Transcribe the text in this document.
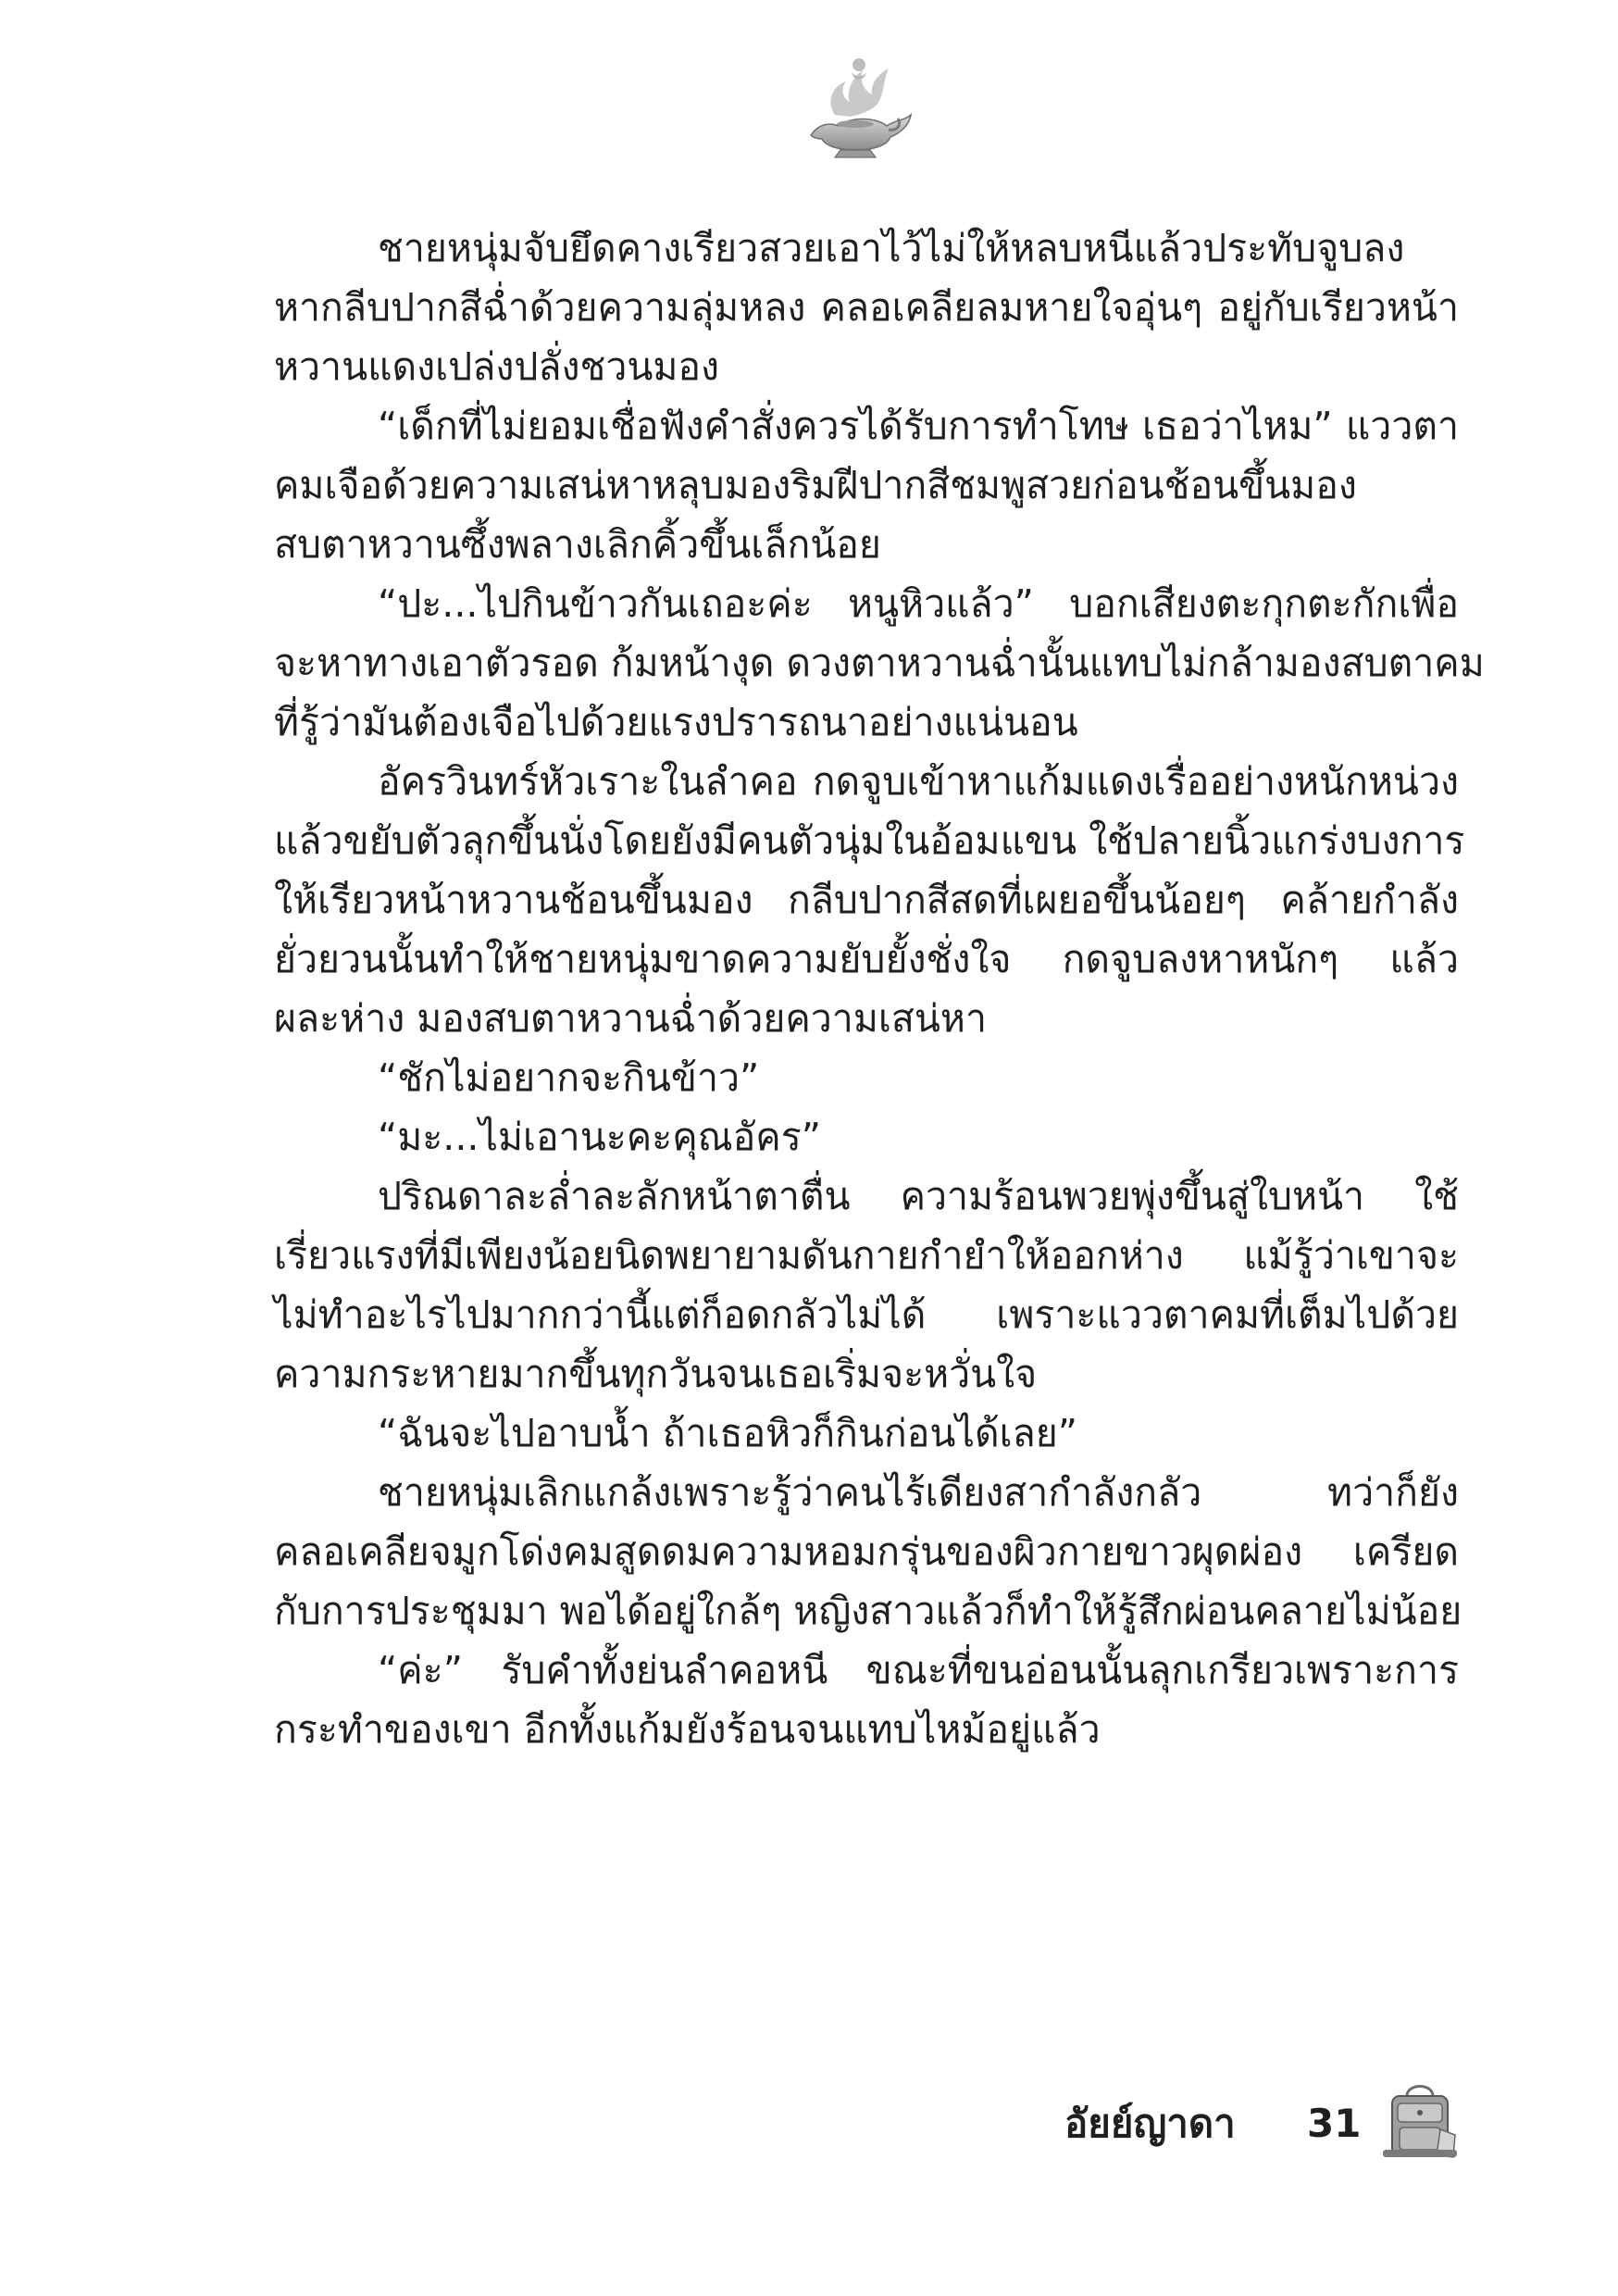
ชายหนุ่มจับยึดคางเรียวสวยเอาไว้ไม่ให้หลบหนีแล้วประทับจูบลง
หากลีบปากสีฉ่ำด้วยความลุ่มหลง คลอเคลียลมหายใจอุ่นๆ อยู่กับเรียวหน้า
หวานแดงเปล่งปลั่งชวนมอง
“เด็กที่ไม่ยอมเชื่อฟังคำสั่งควรได้รับการทำโทษ เธอว่าไหม” แววตา
คมเจือด้วยความเสน่หาหลุบมองริมฝีปากสีชมพูสวยก่อนช้อนขึ้นมอง
สบตาหวานซึ้งพลางเลิกคิ้วขึ้นเล็กน้อย
“ปะ...ไปกินข้าวกันเถอะค่ะ หนูหิวแล้ว” บอกเสียงตะกุกตะกักเพื่อ
จะหาทางเอาตัวรอด ก้มหน้างุด ดวงตาหวานฉ่ำนั้นแทบไม่กล้ามองสบตาคม
ที่รู้ว่ามันต้องเจือไปด้วยแรงปรารถนาอย่างแน่นอน
อัครวินทร์หัวเราะในลำคอ กดจูบเข้าหาแก้มแดงเรื่ออย่างหนักหน่วง
แล้วขยับตัวลุกขึ้นนั่งโดยยังมีคนตัวนุ่มในอ้อมแขน ใช้ปลายนิ้วแกร่งบงการ
ให้เรียวหน้าหวานช้อนขึ้นมอง กลีบปากสีสดที่เผยอขึ้นน้อยๆ คล้ายกำลัง
ยั่วยวนนั้นทำให้ชายหนุ่มขาดความยับยั้งชั่งใจ กดจูบลงหาหนักๆ แล้ว
ผละห่าง มองสบตาหวานฉ่ำด้วยความเสน่หา
“ชักไม่อยากจะกินข้าว”
“มะ...ไม่เอานะคะคุณอัคร”
ปริณดาละล่ำละลักหน้าตาตื่น ความร้อนพวยพุ่งขึ้นสู่ใบหน้า ใช้
เรี่ยวแรงที่มีเพียงน้อยนิดพยายามดันกายกำยำให้ออกห่าง แม้รู้ว่าเขาจะ
ไม่ทำอะไรไปมากกว่านี้แต่ก็อดกลัวไม่ได้ เพราะแววตาคมที่เต็มไปด้วย
ความกระหายมากขึ้นทุกวันจนเธอเริ่มจะหวั่นใจ
“ฉันจะไปอาบน้ำ ถ้าเธอหิวก็กินก่อนได้เลย”
ชายหนุ่มเลิกแกล้งเพราะรู้ว่าคนไร้เดียงสากำลังกลัว ทว่าก็ยัง
คลอเคลียจมูกโด่งคมสูดดมความหอมกรุ่นของผิวกายขาวผุดผ่อง เครียด
กับการประชุมมา พอได้อยู่ใกล้ๆ หญิงสาวแล้วก็ทำให้รู้สึกผ่อนคลายไม่น้อย
“ค่ะ” รับคำทั้งย่นลำคอหนี ขณะที่ขนอ่อนนั้นลุกเกรียวเพราะการ
กระทำของเขา อีกทั้งแก้มยังร้อนจนแทบไหม้อยู่แล้ว
อัยย์ญาดา 31
